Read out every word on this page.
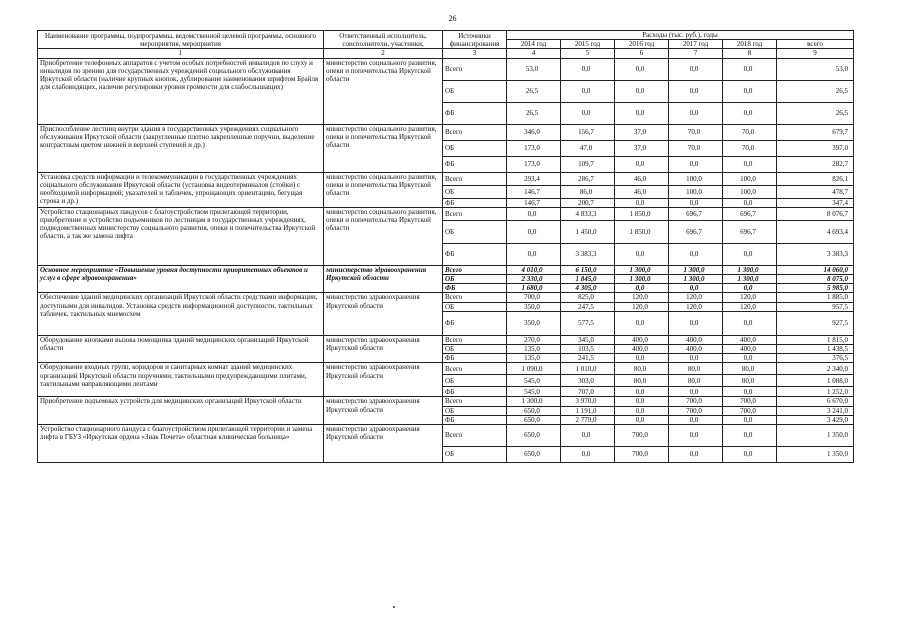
26
Наименование программы, подпрограммы, ведомственной целевой программы, основного мероприятия, мероприятия	Ответственный исполнитель, соисполнители, участники,	Источники финансирования	Расходы (тыс. руб.), годы					
			2014 год	2015 год	2016 год	2017 год	2018 год	всего
1	2	3	4	5	6	7	8	9
Приобретение телефонных аппаратов с учетом особых потребностей инвалидов по слуху и инвалидов по зрению для государственных учреждений социального обслуживания Иркутской области (наличие крупных кнопок, дублирование наименования шрифтом Брайля для слабовидящих, наличие регулировки уровня громкости для слабослышащих)	министерство социального развития, опеки и попечительства Иркутской области	Всего	53,0	0,0	0,0	0,0	0,0	53,0
		ОБ	26,5	0,0	0,0	0,0	0,0	26,5
		ФБ	26,5	0,0	0,0	0,0	0,0	26,5
Приспособление лестниц внутри здания в государственных учреждениях социального обслуживания Иркутской области (закругленные плотно закрепленные поручни, выделение контрастным цветом нижней и верхней ступеней и др.)	министерство социального развития, опеки и попечительства Иркутской области	Всего	346,0	156,7	37,0	70,0	70,0	679,7
		ОБ	173,0	47,0	37,0	70,0	70,0	397,0
		ФБ	173,0	109,7	0,0	0,0	0,0	282,7
Установка средств информации и телекоммуникации в государственных учреждениях социального обслуживания Иркутской области (установка видеотерминалов (стойки) с необходимой информацией; указателей и табличек, упрощающих ориентацию, бегущая строка и др.)	министерство социального развития, опеки и попечительства Иркутской области	Всего	293,4	286,7	46,0	100,0	100,0	826,1
		ОБ	146,7	86,0	46,0	100,0	100,0	478,7
		ФБ	146,7	200,7	0,0	0,0	0,0	347,4
Устройство стационарных пандусов с благоустройством прилегающей территории, приобретение и устройство подъемников по лестницам в государственных учреждениях, подведомственных министерству социального развития, опеки и попечительства Иркутской области, а так же замена лифта	министерство социального развития, опеки и попечительства Иркутской области	Всего	0,0	4 833,3	1 850,0	696,7	696,7	8 076,7
		ОБ	0,0	1 450,0	1 850,0	696,7	696,7	4 693,4
		ФБ	0,0	3 383,3	0,0	0,0	0,0	3 383,3
Основное мероприятие «Повышение уровня доступности приоритетных объектов и услуг в сфере здравоохранения»	министерство здравоохранения Иркутской области	Всего	4 010,0	6 150,0	1 300,0	1 300,0	1 300,0	14 060,0
		ОБ	2 330,0	1 845,0	1 300,0	1 300,0	1 300,0	8 075,0
		ФБ	1 680,0	4 305,0	0,0	0,0	0,0	5 985,0
Обеспечение зданий медицинских организаций Иркутской области средствами информации, доступными для инвалидов. Установка средств информационной доступности, тактильных табличек, тактильных мнемосхем	министерство здравоохранения Иркутской области	Всего	700,0	825,0	120,0	120,0	120,0	1 885,0
		ОБ	350,0	247,5	120,0	120,0	120,0	957,5
		ФБ	350,0	577,5	0,0	0,0	0,0	927,5
Оборудование кнопками вызова помощника зданий медицинских организаций Иркутской области	министерство здравоохранения Иркутской области	Всего	270,0	345,0	400,0	400,0	400,0	1 815,0
		ОБ	135,0	103,5	400,0	400,0	400,0	1 438,5
		ФБ	135,0	241,5	0,0	0,0	0,0	376,5
Оборудование входных групп, коридоров и санитарных комнат зданий медицинских организаций Иркутской области поручнями, тактильными предупреждающими плитами, тактильными направляющими лентами	министерство здравоохранения Иркутской области	Всего	1 090,0	1 010,0	80,0	80,0	80,0	2 340,0
		ОБ	545,0	303,0	80,0	80,0	80,0	1 088,0
		ФБ	545,0	707,0	0,0	0,0	0,0	1 252,0
Приобретение подъемных устройств для медицинских организаций Иркутской области	министерство здравоохранения Иркутской области	Всего	1 300,0	3 970,0	0,0	700,0	700,0	6 670,0
		ОБ	650,0	1 191,0	0,0	700,0	700,0	3 241,0
		ФБ	650,0	2 779,0	0,0	0,0	0,0	3 429,0
Устройство стационарного пандуса с благоустройством прилегающей территории и замена лифта в ГБУЗ «Иркутская ордена «Знак Почета» областная клиническая больница»	министерство здравоохранения Иркутской области	Всего	650,0	0,0	700,0	0,0	0,0	1 350,0
		ОБ	650,0	0,0	700,0	0,0	0,0	1 350,0
